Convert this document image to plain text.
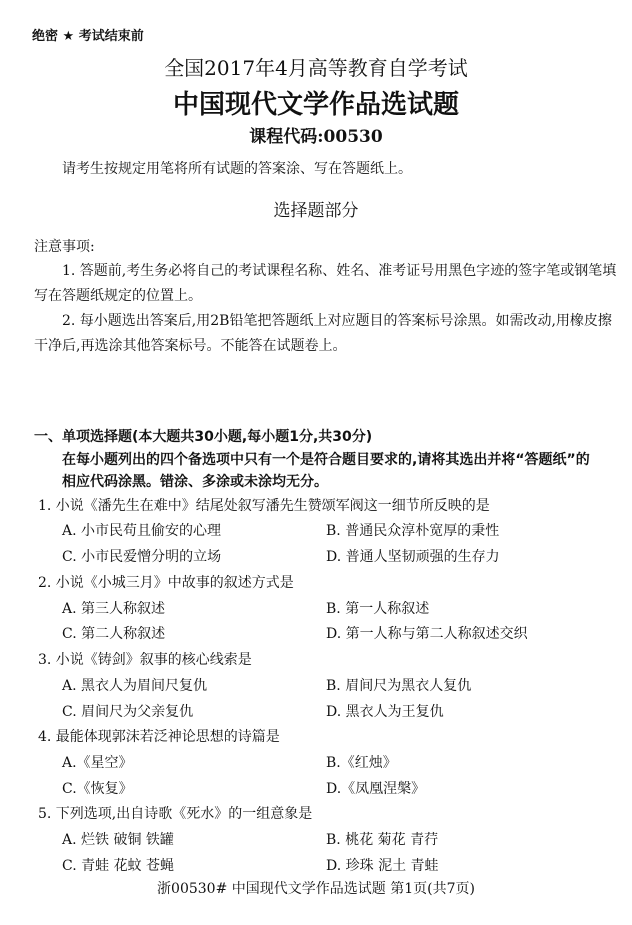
绝密 ★ 考试结束前
全国2017年4月高等教育自学考试
中国现代文学作品选试题
课程代码:00530
请考生按规定用笔将所有试题的答案涂、写在答题纸上。
选择题部分
注意事项:
1. 答题前,考生务必将自己的考试课程名称、姓名、准考证号用黑色字迹的签字笔或钢笔填写在答题纸规定的位置上。
2. 每小题选出答案后,用2B铅笔把答题纸上对应题目的答案标号涂黑。如需改动,用橡皮擦干净后,再选涂其他答案标号。不能答在试题卷上。
一、单项选择题(本大题共30小题,每小题1分,共30分)
在每小题列出的四个备选项中只有一个是符合题目要求的,请将其选出并将“答题纸”的相应代码涂黑。错涂、多涂或未涂均无分。
1. 小说《潘先生在难中》结尾处叙写潘先生赞颂军阀这一细节所反映的是
A. 小市民苟且偷安的心理	B. 普通民众淳朴宽厚的秉性
C. 小市民爱憎分明的立场	D. 普通人坚韧顽强的生存力
2. 小说《小城三月》中故事的叙述方式是
A. 第三人称叙述	B. 第一人称叙述
C. 第二人称叙述	D. 第一人称与第二人称叙述交织
3. 小说《铸剑》叙事的核心线索是
A. 黑衣人为眉间尺复仇	B. 眉间尺为黑衣人复仇
C. 眉间尺为父亲复仇	D. 黑衣人为王复仇
4. 最能体现郭沫若泛神论思想的诗篇是
A.《星空》	B.《红烛》
C.《恢复》	D.《凤凰涅槃》
5. 下列选项,出自诗歌《死水》的一组意象是
A. 烂铁 破铜 铁罐	B. 桃花 菊花 青荇
C. 青蛙 花蚊 苍蝇	D. 珍珠 泥土 青蛙
浙00530# 中国现代文学作品选试题 第1页(共7页)
